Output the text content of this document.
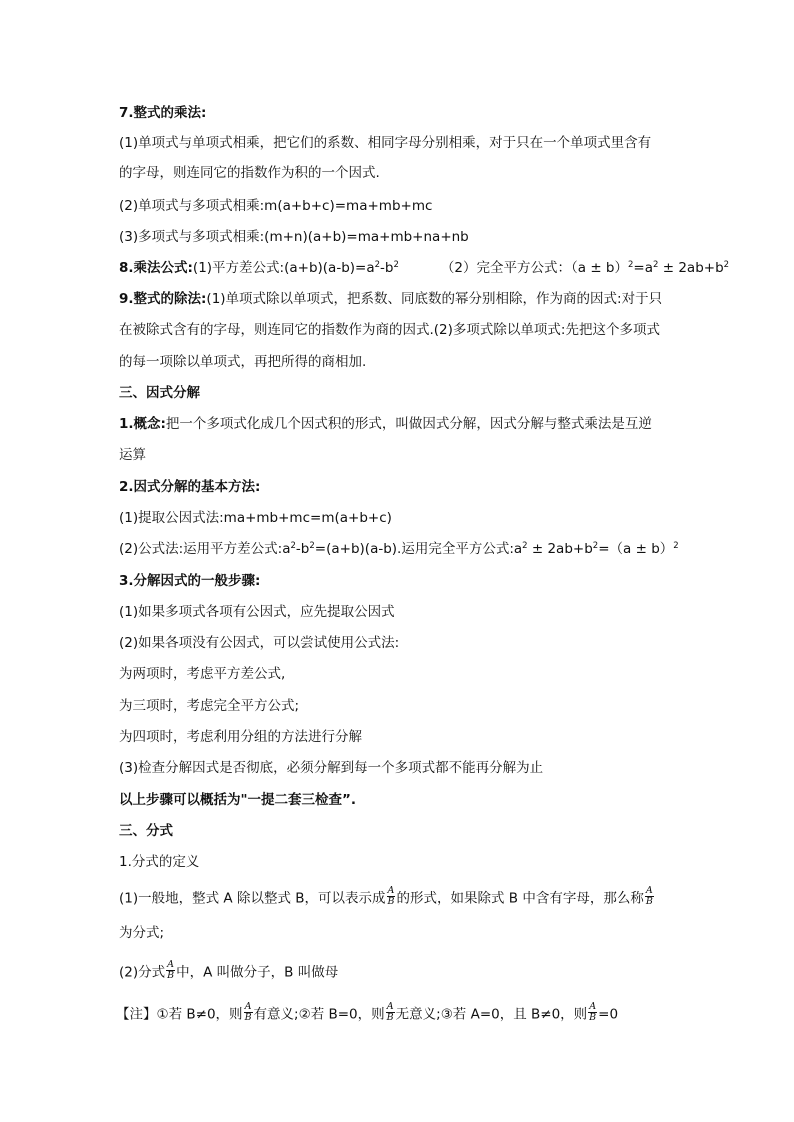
7.整式的乘法:
(1)单项式与单项式相乘，把它们的系数、相同字母分别相乘，对于只在一个单项式里含有
的字母，则连同它的指数作为积的一个因式.
(2)单项式与多项式相乘:m(a+b+c)=ma+mb+mc
(3)多项式与多项式相乘:(m+n)(a+b)=ma+mb+na+nb
8.乘法公式:(1)平方差公式$:(a+b)(a-b)=a^2-b^2$	（2）完全平方公式：$(a \pm b)^2=a^2 \pm 2ab+b^2$
9.整式的除法:(1)单项式除以单项式，把系数、同底数的幂分别相除，作为商的因式:对于只
在被除式含有的字母，则连同它的指数作为商的因式.(2)多项式除以单项式:先把这个多项式
的每一项除以单项式，再把所得的商相加.
三、因式分解
1.概念:把一个多项式化成几个因式积的形式，叫做因式分解，因式分解与整式乘法是互逆
运算
2.因式分解的基本方法:
(1)提取公因式法:ma+mb+mc=m(a+b+c)
(2)公式法:运用平方差公式$:a^2-b^2=(a+b)(a-b)$.运用完全平方公式$:a^2 \pm 2ab+b^2=(a \pm b)^2$
3.分解因式的一般步骤:
(1)如果多项式各项有公因式，应先提取公因式
(2)如果各项没有公因式，可以尝试使用公式法:
为两项时，考虑平方差公式,
为三项时，考虑完全平方公式;
为四项时，考虑利用分组的方法进行分解
(3)检查分解因式是否彻底，必须分解到每一个多项式都不能再分解为止
以上步骤可以概括为"一提二套三检查”.
三、分式
1.分式的定义
(1)一般地，整式 A 除以整式 B，可以表示成 $\frac{A}{B}$ 的形式，如果除式 B 中含有字母，那么称 $\frac{A}{B}$
为分式;
(2)分式 $\frac{A}{B}$ 中，A 叫做分子，B 叫做母
【注】①若 B≠0，则 $\frac{A}{B}$ 有意义;②若 B=0，则 $\frac{A}{B}$ 无意义;③若 A=0，且 B≠0，则 $\frac{A}{B} =0$
